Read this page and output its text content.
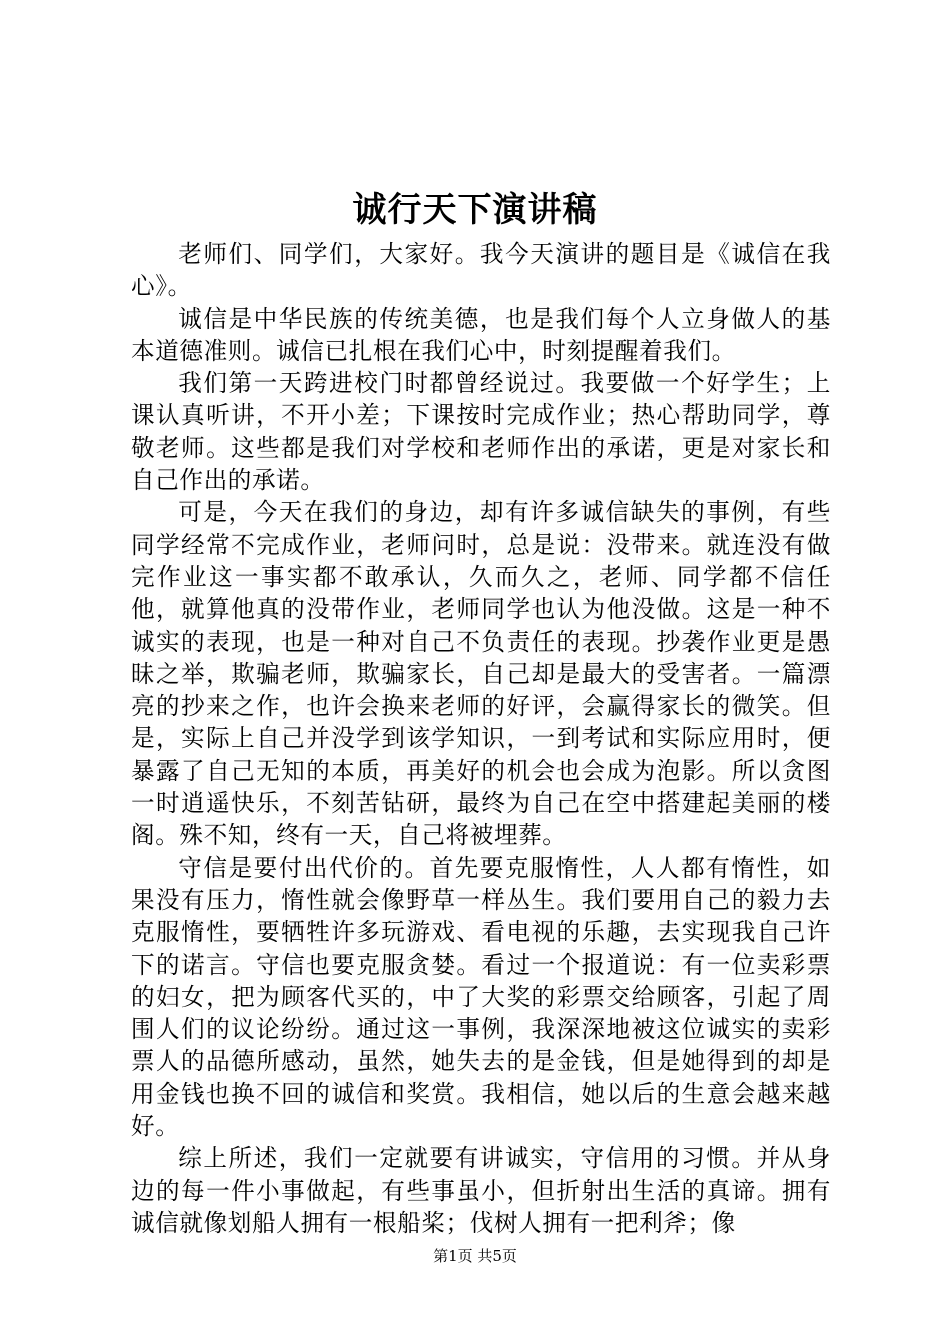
诚行天下演讲稿

老师们、同学们，大家好。我今天演讲的题目是《诚信在我心》。

诚信是中华民族的传统美德，也是我们每个人立身做人的基本道德准则。诚信已扎根在我们心中，时刻提醒着我们。

我们第一天跨进校门时都曾经说过。我要做一个好学生；上课认真听讲，不开小差；下课按时完成作业；热心帮助同学，尊敬老师。这些都是我们对学校和老师作出的承诺，更是对家长和自己作出的承诺。

可是，今天在我们的身边，却有许多诚信缺失的事例，有些同学经常不完成作业，老师问时，总是说：没带来。就连没有做完作业这一事实都不敢承认，久而久之，老师、同学都不信任他，就算他真的没带作业，老师同学也认为他没做。这是一种不诚实的表现，也是一种对自己不负责任的表现。抄袭作业更是愚昧之举，欺骗老师，欺骗家长，自己却是最大的受害者。一篇漂亮的抄来之作，也许会换来老师的好评，会赢得家长的微笑。但是，实际上自己并没学到该学知识，一到考试和实际应用时，便暴露了自己无知的本质，再美好的机会也会成为泡影。所以贪图一时逍遥快乐，不刻苦钻研，最终为自己在空中搭建起美丽的楼阁。殊不知，终有一天，自己将被埋葬。

守信是要付出代价的。首先要克服惰性，人人都有惰性，如果没有压力，惰性就会像野草一样丛生。我们要用自己的毅力去克服惰性，要牺牲许多玩游戏、看电视的乐趣，去实现我自己许下的诺言。守信也要克服贪婪。看过一个报道说：有一位卖彩票的妇女，把为顾客代买的，中了大奖的彩票交给顾客，引起了周围人们的议论纷纷。通过这一事例，我深深地被这位诚实的卖彩票人的品德所感动，虽然，她失去的是金钱，但是她得到的却是用金钱也换不回的诚信和奖赏。我相信，她以后的生意会越来越好。

综上所述，我们一定就要有讲诚实，守信用的习惯。并从身边的每一件小事做起，有些事虽小，但折射出生活的真谛。拥有诚信就像划船人拥有一根船桨；伐树人拥有一把利斧；像

第1页 共5页
